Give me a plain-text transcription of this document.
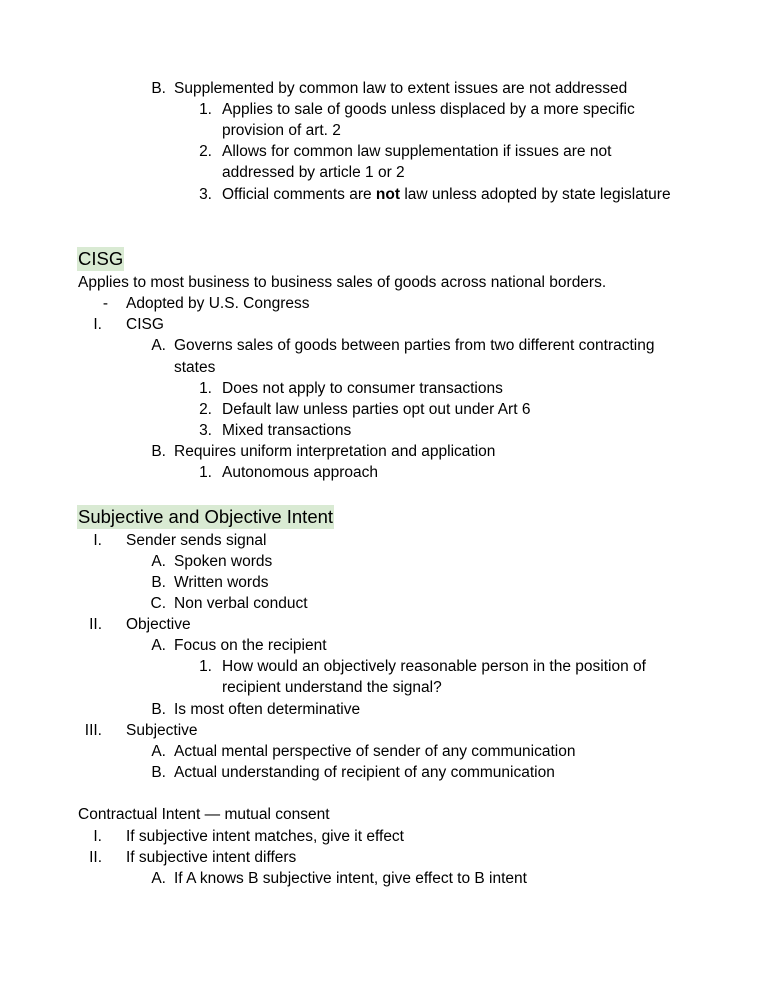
B. Supplemented by common law to extent issues are not addressed
1. Applies to sale of goods unless displaced by a more specific
provision of art. 2
2. Allows for common law supplementation if issues are not
addressed by article 1 or 2
3. Official comments are not law unless adopted by state legislature
CISG
Applies to most business to business sales of goods across national borders.
- Adopted by U.S. Congress
I. CISG
A. Governs sales of goods between parties from two different contracting
states
1. Does not apply to consumer transactions
2. Default law unless parties opt out under Art 6
3. Mixed transactions
B. Requires uniform interpretation and application
1. Autonomous approach
Subjective and Objective Intent
I. Sender sends signal
A. Spoken words
B. Written words
C. Non verbal conduct
II. Objective
A. Focus on the recipient
1. How would an objectively reasonable person in the position of
recipient understand the signal?
B. Is most often determinative
III. Subjective
A. Actual mental perspective of sender of any communication
B. Actual understanding of recipient of any communication
Contractual Intent — mutual consent
I. If subjective intent matches, give it effect
II. If subjective intent differs
A. If A knows B subjective intent, give effect to B intent
